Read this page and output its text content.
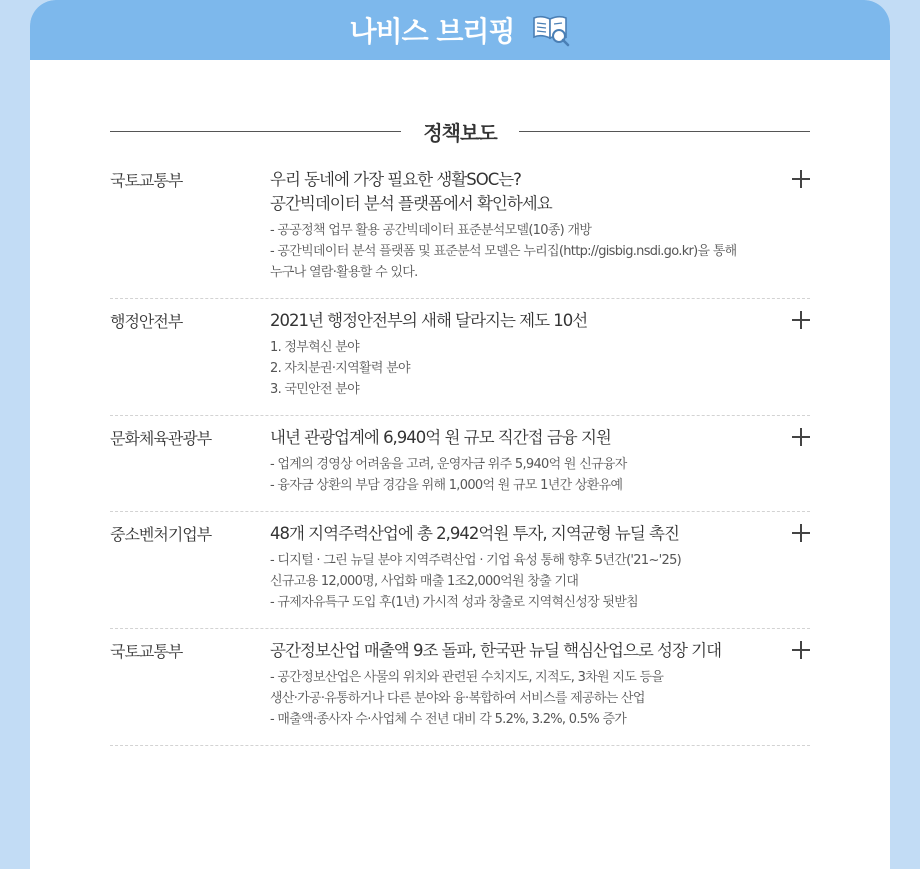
나비스 브리핑
정책보도
국토교통부	우리 동네에 가장 필요한 생활SOC는?
공간빅데이터 분석 플랫폼에서 확인하세요
- 공공정책 업무 활용 공간빅데이터 표준분석모델(10종) 개방
- 공간빅데이터 분석 플랫폼 및 표준분석 모델은 누리집(http://gisbig.nsdi.go.kr)을 통해
누구나 열람·활용할 수 있다.
행정안전부	2021년 행정안전부의 새해 달라지는 제도 10선
1. 정부혁신 분야
2. 자치분권·지역활력 분야
3. 국민안전 분야
문화체육관광부	내년 관광업계에 6,940억 원 규모 직간접 금융 지원
- 업계의 경영상 어려움을 고려, 운영자금 위주 5,940억 원 신규융자
- 융자금 상환의 부담 경감을 위해 1,000억 원 규모 1년간 상환유예
중소벤처기업부	48개 지역주력산업에 총 2,942억원 투자, 지역균형 뉴딜 촉진
- 디지털 · 그린 뉴딜 분야 지역주력산업 · 기업 육성 통해 향후 5년간('21~'25)
신규고용 12,000명, 사업화 매출 1조2,000억원 창출 기대
- 규제자유특구 도입 후(1년) 가시적 성과 창출로 지역혁신성장 뒷받침
국토교통부	공간정보산업 매출액 9조 돌파, 한국판 뉴딜 핵심산업으로 성장 기대
- 공간정보산업은 사물의 위치와 관련된 수치지도, 지적도, 3차원 지도 등을
생산·가공·유통하거나 다른 분야와 융·복합하여 서비스를 제공하는 산업
- 매출액·종사자 수·사업체 수 전년 대비 각 5.2%, 3.2%, 0.5% 증가
